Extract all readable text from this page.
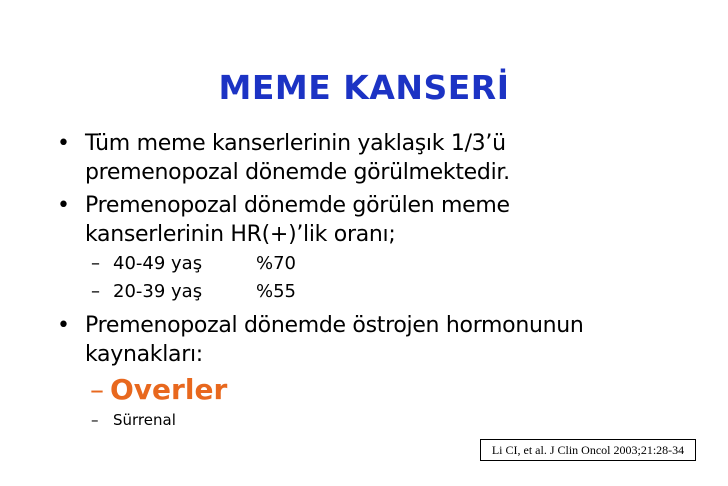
MEME KANSERİ
• Tüm meme kanserlerinin yaklaşık 1/3’ü premenopozal dönemde görülmektedir.
• Premenopozal dönemde görülen meme kanserlerinin HR(+)’lik oranı;
– 40-49 yaş	%70
– 20-39 yaş	%55
• Premenopozal dönemde östrojen hormonunun kaynakları:
– Overler
– Sürrenal
Li CI, et al. J Clin Oncol 2003;21:28-34
